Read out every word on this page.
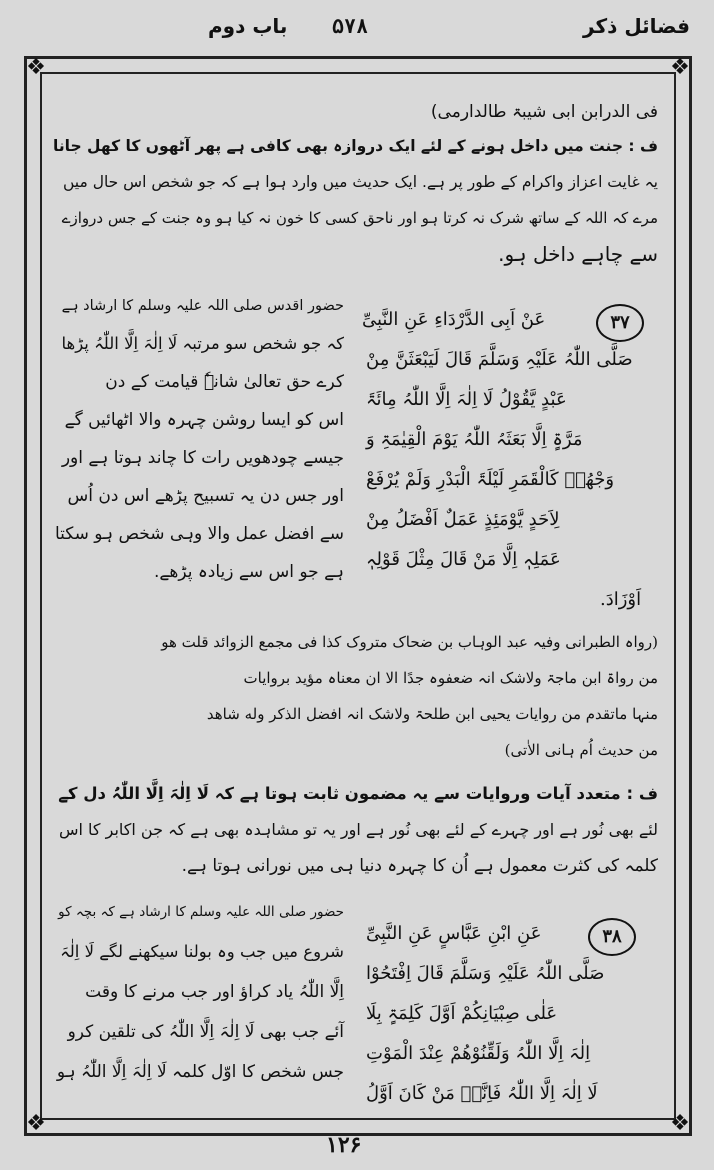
فضائل ذکر
۵۷۸
باب دوم
❖	❖
❖	❖
فی الدرابن ابی شیبۃ طالدارمی)
ف : جنت میں داخل ہونے کے لئے ایک دروازہ بھی کافی ہے پھر آٹھوں کا کھل جانا
یہ غایت اعزاز واکرام کے طور پر ہے. ایک حدیث میں وارد ہوا ہے کہ جو شخص اس حال میں
مرے کہ اللہ کے ساتھ شرک نہ کرتا ہو اور ناحق کسی کا خون نہ کیا ہو وہ جنت کے جس دروازے
سے چاہے داخل ہو.
۳۷
عَنْ اَبِی الدَّرْدَاءِ عَنِ النَّبِیِّ
صَلَّی اللّٰہُ عَلَیْہِ وَسَلَّمَ قَالَ لَیَبْعَثَنَّ مِنْ
عَبْدٍ یَّقُوْلُ لَا اِلٰہَ اِلَّا اللّٰہُ مِائَۃَ
مَرَّۃٍ اِلَّا بَعَثَہُ اللّٰہُ یَوْمَ الْقِیٰمَۃِ وَ
وَجْھُہٗ کَالْقَمَرِ لَیْلَۃَ الْبَدْرِ وَلَمْ یُرْفَعْ
لِاَحَدٍ یَّوْمَئِذٍ عَمَلٌ اَفْضَلُ مِنْ
عَمَلِہٖ اِلَّا مَنْ قَالَ مِثْلَ قَوْلِہٖ
اَوْزَادَ.
حضور اقدس صلی اللہ علیہ وسلم کا ارشاد ہے
کہ جو شخص سو مرتبہ لَا اِلٰہَ اِلَّا اللّٰہُ پڑھا
کرے حق تعالیٰ شانہٗ قیامت کے دن
اس کو ایسا روشن چہرہ والا اٹھائیں گے
جیسے چودھویں رات کا چاند ہوتا ہے اور
اور جس دن یہ تسبیح پڑھے اس دن اُس
سے افضل عمل والا وہی شخص ہو سکتا
ہے جو اس سے زیادہ پڑھے.
(رواہ الطبرانی وفیہ عبد الوہاب بن ضحاک متروک کذا فی مجمع الزوائد قلت ھو
من رواۃ ابن ماجۃ ولاشک انہ ضعفوہ جدًا الا ان معناہ مؤید بروایات
منہا ماتقدم من روایات یحیی ابن طلحۃ ولاشک انہ افضل الذکر وله شاھد
من حدیث اُم ہانی الاٰتی)
ف : متعدد آیات وروایات سے یہ مضمون ثابت ہوتا ہے کہ لَا اِلٰہَ اِلَّا اللّٰہُ دل کے
لئے بھی نُور ہے اور چہرے کے لئے بھی نُور ہے اور یہ تو مشاہدہ بھی ہے کہ جن اکابر کا اس
کلمہ کی کثرت معمول ہے اُن کا چہرہ دنیا ہی میں نورانی ہوتا ہے.
۳۸
عَنِ ابْنِ عَبَّاسٍ عَنِ النَّبِیِّ
صَلَّی اللّٰہُ عَلَیْہِ وَسَلَّمَ قَالَ اِفْتَحُوْا
عَلٰی صِبْیَانِکُمْ اَوَّلَ کَلِمَۃٍ بِلَا
اِلٰہَ اِلَّا اللّٰہُ وَلَقِّنُوْھُمْ عِنْدَ الْمَوْتِ
لَا اِلٰہَ اِلَّا اللّٰہُ فَاِنَّہٗ مَنْ کَانَ اَوَّلُ
حضور صلی اللہ علیہ وسلم کا ارشاد ہے کہ بچہ کو
شروع میں جب وہ بولنا سیکھنے لگے لَا اِلٰہَ
اِلَّا اللّٰہُ یاد کراؤ اور جب مرنے کا وقت
آئے جب بھی لَا اِلٰہَ اِلَّا اللّٰہُ کی تلقین کرو
جس شخص کا اوّل کلمہ لَا اِلٰہَ اِلَّا اللّٰہُ ہو
۱۲۶
